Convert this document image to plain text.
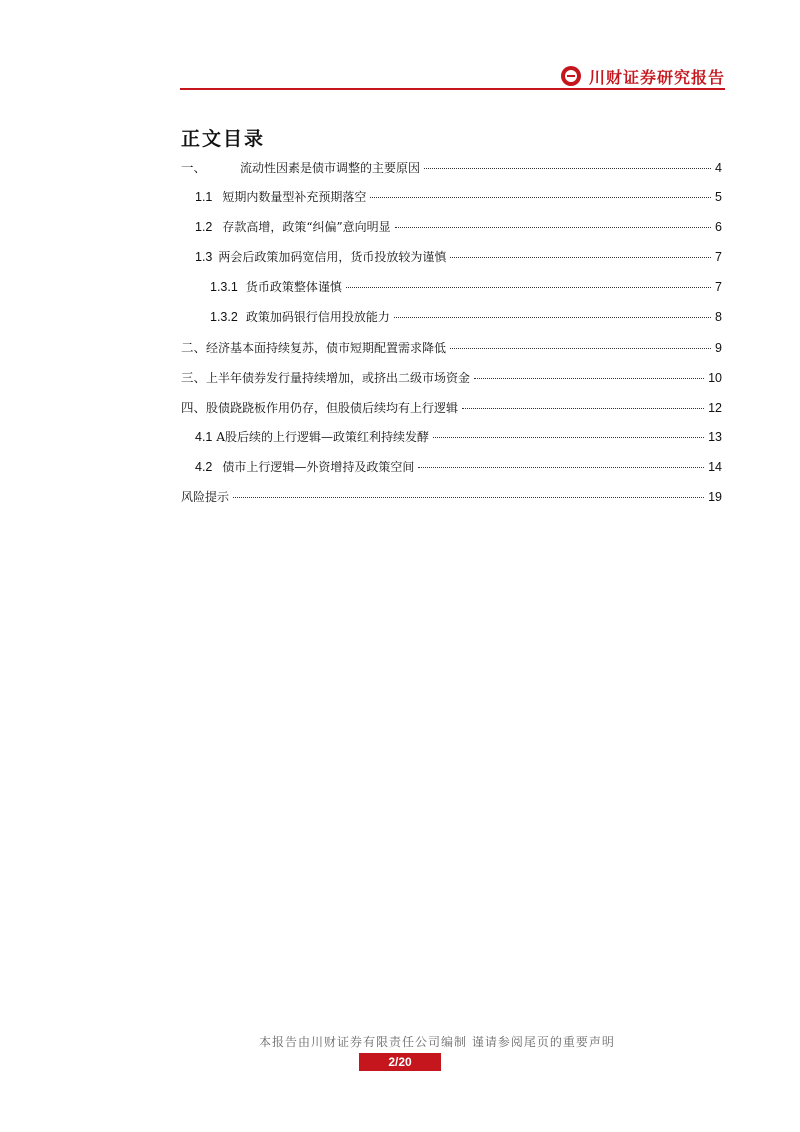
川财证券研究报告
正文目录
一、	流动性因素是债市调整的主要原因	4
1.1 短期内数量型补充预期落空	5
1.2 存款高增，政策“纠偏”意向明显	6
1.3 两会后政策加码宽信用，货币投放较为谨慎	7
1.3.1 货币政策整体谨慎	7
1.3.2 政策加码银行信用投放能力	8
二、 经济基本面持续复苏，债市短期配置需求降低	9
三、 上半年债券发行量持续增加，或挤出二级市场资金	10
四、 股债跷跷板作用仍存，但股债后续均有上行逻辑	12
4.1 A股后续的上行逻辑—政策红利持续发酵	13
4.2 债市上行逻辑—外资增持及政策空间	14
风险提示	19
本报告由川财证券有限责任公司编制 谨请参阅尾页的重要声明
2/20
